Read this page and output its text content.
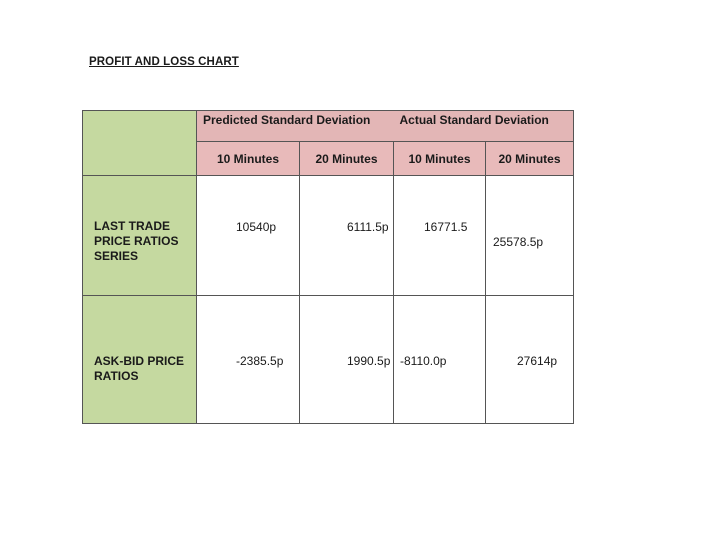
PROFIT AND LOSS CHART
	Predicted Standard Deviation		Actual Standard Deviation	
	10 Minutes	20 Minutes	10 Minutes	20 Minutes

LAST TRADE PRICE RATIOS SERIES	10540p	6111.5p	16771.5	25578.5p

ASK-BID PRICE RATIOS	-2385.5p	1990.5p	-8110.0p	27614p
